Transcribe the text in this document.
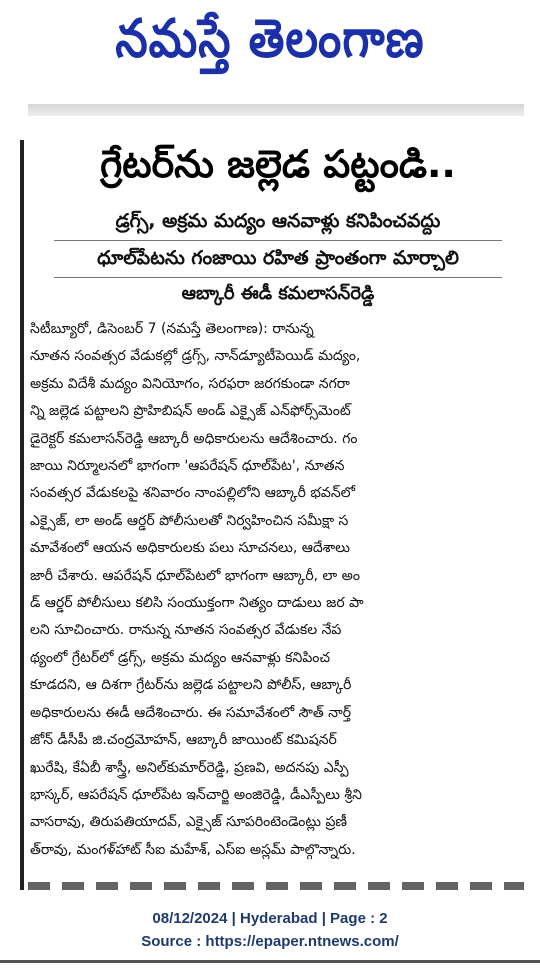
నమస్తే తెలంగాణ
గ్రేటర్‌ను జల్లెడ పట్టండి..
డ్రగ్స్‌, అక్రమ మద్యం ఆనవాళ్లు కనిపించవద్దు
ధూల్‌పేటను గంజాయి రహిత ప్రాంతంగా మార్చాలి
ఆబ్కారీ ఈడీ కమలాసన్‌రెడ్డి
సిటీబ్యూరో, డిసెంబర్‌ 7 (నమస్తే తెలంగాణ): రానున్న
నూతన సంవత్సర వేడుకల్లో డ్రగ్స్‌, నాన్‌డ్యూటీపెయిడ్‌ మద్యం,
అక్రమ విదేశీ మద్యం వినియోగం, సరఫరా జరగకుండా నగరా
న్ని జల్లెడ పట్టాలని ప్రొహిబిషన్‌ అండ్‌ ఎక్సైజ్‌ ఎన్‌ఫోర్స్‌మెంట్‌
డైరెక్టర్‌ కమలాసన్‌రెడ్డి ఆబ్కారీ అధికారులను ఆదేశించారు. గం
జాయి నిర్మూలనలో భాగంగా 'ఆపరేషన్‌ ధూల్‌పేట', నూతన
సంవత్సర వేడుకలపై శనివారం నాంపల్లిలోని ఆబ్కారీ భవన్‌లో
ఎక్సైజ్‌, లా అండ్‌ ఆర్డర్‌ పోలీసులతో నిర్వహించిన సమీక్షా స
మావేశంలో ఆయన అధికారులకు పలు సూచనలు, ఆదేశాలు
జారీ చేశారు. ఆపరేషన్‌ ధూల్‌పేటలో భాగంగా ఆబ్కారీ, లా అం
డ్‌ ఆర్డర్‌ పోలీసులు కలిసి సంయుక్తంగా నిత్యం దాడులు జర పా
లని సూచించారు. రానున్న నూతన సంవత్సర వేడుకల నేప
థ్యంలో గ్రేటర్‌లో డ్రగ్స్‌, అక్రమ మద్యం ఆనవాళ్లు కనిపించ
కూడదని, ఆ దిశగా గ్రేటర్‌ను జల్లెడ పట్టాలని పోలీస్‌, ఆబ్కారీ
అధికారులను ఈడీ ఆదేశించారు. ఈ సమావేశంలో సౌత్‌ నార్త్‌
జోన్‌ డీసీపీ జి.చంద్రమోహన్‌, ఆబ్కారీ జాయింట్‌ కమిషనర్‌
ఖురేషి, కేఏబీ శాస్త్రీ, అనిల్‌కుమార్‌రెడ్డి, ప్రణవి, అదనపు ఎస్పీ
భాస్కర్‌, ఆపరేషన్‌ ధూల్‌పేట ఇన్‌చార్జి అంజిరెడ్డి, డీఎస్పీలు శ్రీని
వాసరావు, తిరుపతియాదవ్‌, ఎక్సైజ్‌ సూపరింటెండెంట్లు ప్రణీ
త్‌రావు, మంగళ్‌హాట్‌ సీఐ మహేశ్‌, ఎస్‌ఐ అస్లమ్‌ పాల్గొన్నారు.
08/12/2024 | Hyderabad | Page : 2
Source : https://epaper.ntnews.com/
